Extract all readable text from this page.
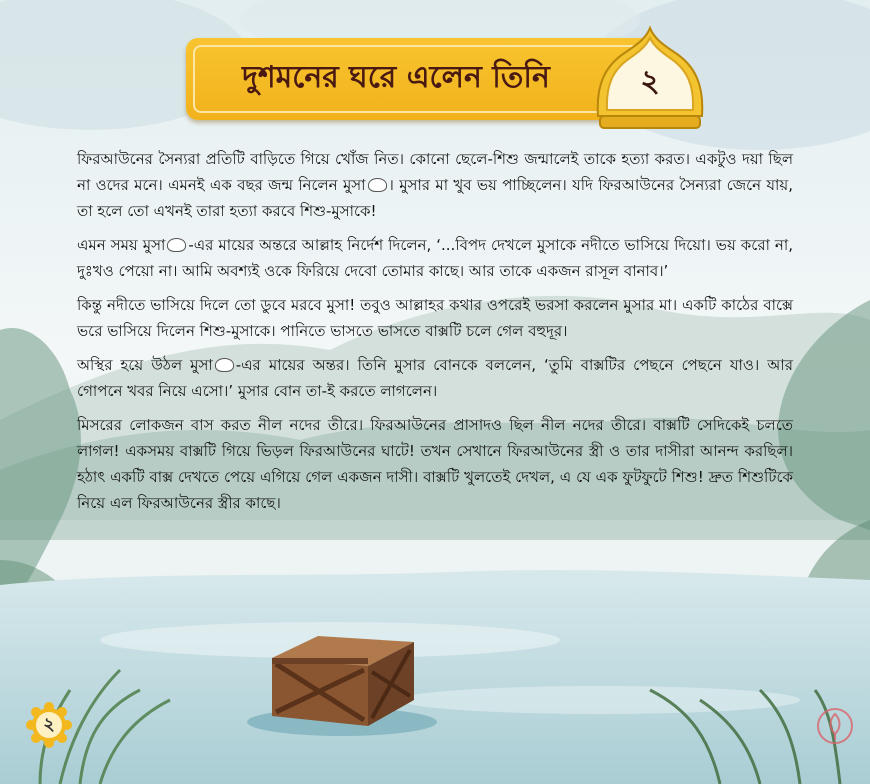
দুশমনের ঘরে এলেন তিনি	২

ফিরআউনের সৈন্যরা প্রতিটি বাড়িতে গিয়ে খোঁজ নিত। কোনো ছেলে-শিশু জন্মালেই তাকে হত্যা করত। একটুও দয়া ছিল না ওদের মনে। এমনই এক বছর জন্ম নিলেন মুসা । মুসার মা খুব ভয় পাচ্ছিলেন। যদি ফিরআউনের সৈন্যরা জেনে যায়, তা হলে তো এখনই তারা হত্যা করবে শিশু-মুসাকে!

এমন সময় মুসা -এর মায়ের অন্তরে আল্লাহ নির্দেশ দিলেন, ‘...বিপদ দেখলে মুসাকে নদীতে ভাসিয়ে দিয়ো। ভয় করো না, দুঃখও পেয়ো না। আমি অবশ্যই ওকে ফিরিয়ে দেবো তোমার কাছে। আর তাকে একজন রাসূল বানাব।’

কিন্তু নদীতে ভাসিয়ে দিলে তো ডুবে মরবে মুসা! তবুও আল্লাহর কথার ওপরেই ভরসা করলেন মুসার মা। একটি কাঠের বাক্সে ভরে ভাসিয়ে দিলেন শিশু-মুসাকে। পানিতে ভাসতে ভাসতে বাক্সটি চলে গেল বহুদূর।

অস্থির হয়ে উঠল মুসা -এর মায়ের অন্তর। তিনি মুসার বোনকে বললেন, ‘তুমি বাক্সটির পেছনে পেছনে যাও। আর গোপনে খবর নিয়ে এসো।’ মুসার বোন তা-ই করতে লাগলেন।

মিসরের লোকজন বাস করত নীল নদের তীরে। ফিরআউনের প্রাসাদও ছিল নীল নদের তীরে। বাক্সটি সেদিকেই চলতে লাগল! একসময় বাক্সটি গিয়ে ভিড়ল ফিরআউনের ঘাটে! তখন সেখানে ফিরআউনের স্ত্রী ও তার দাসীরা আনন্দ করছিল। হঠাৎ একটি বাক্স দেখতে পেয়ে এগিয়ে গেল একজন দাসী। বাক্সটি খুলতেই দেখল, এ যে এক ফুটফুটে শিশু! দ্রুত শিশুটিকে নিয়ে এল ফিরআউনের স্ত্রীর কাছে।

২
